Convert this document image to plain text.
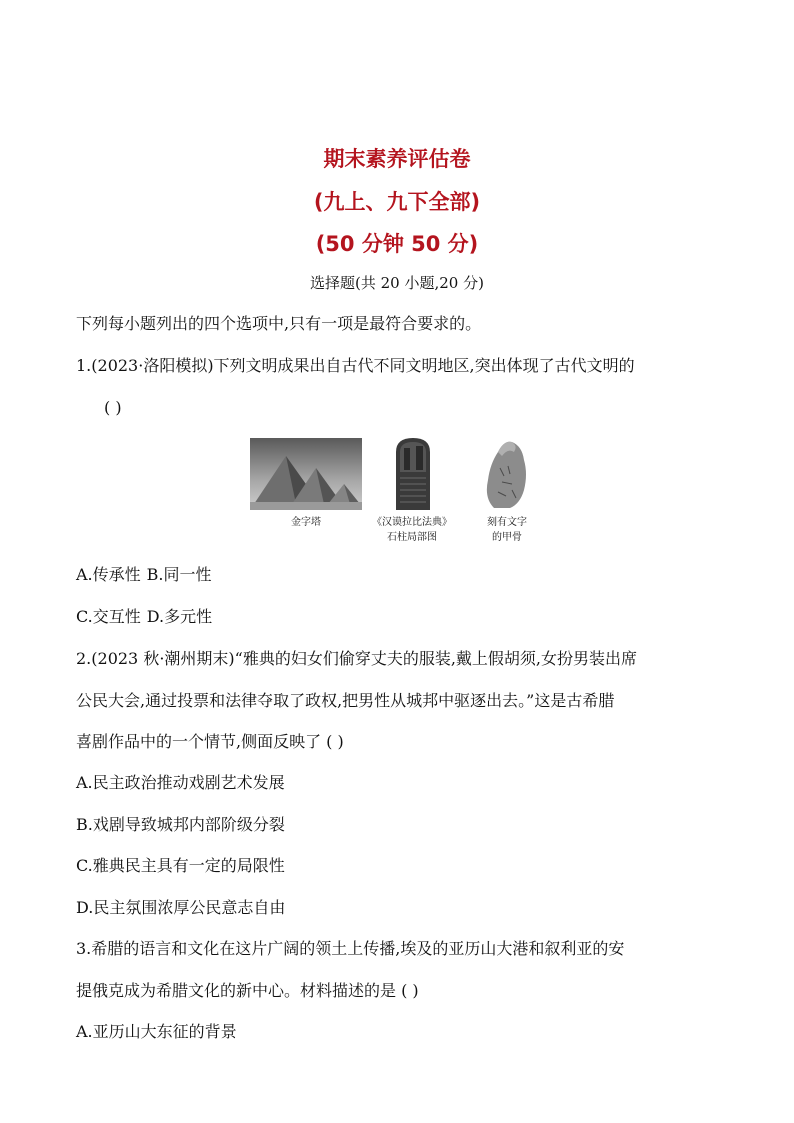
期末素养评估卷
(九上、九下全部)
(50 分钟 50 分)
选择题(共 20 小题,20 分)
下列每小题列出的四个选项中,只有一项是最符合要求的。
1.(2023·洛阳模拟)下列文明成果出自古代不同文明地区,突出体现了古代文明的
( )
金字塔	《汉谟拉比法典》
石柱局部图
刻有文字
的甲骨
A.传承性 B.同一性
C.交互性 D.多元性
2.(2023 秋·潮州期末)“雅典的妇女们偷穿丈夫的服装,戴上假胡须,女扮男装出席
公民大会,通过投票和法律夺取了政权,把男性从城邦中驱逐出去。”这是古希腊
喜剧作品中的一个情节,侧面反映了 ( )
A.民主政治推动戏剧艺术发展
B.戏剧导致城邦内部阶级分裂
C.雅典民主具有一定的局限性
D.民主氛围浓厚公民意志自由
3.希腊的语言和文化在这片广阔的领土上传播,埃及的亚历山大港和叙利亚的安
提俄克成为希腊文化的新中心。材料描述的是 ( )
A.亚历山大东征的背景
